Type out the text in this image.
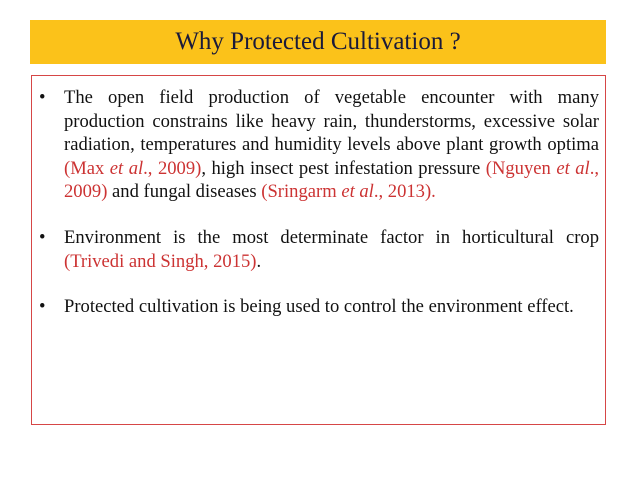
Why Protected Cultivation ?
• The open field production of vegetable encounter with many production constrains like heavy rain, thunderstorms, excessive solar radiation, temperatures and humidity levels above plant growth optima (Max et al., 2009), high insect pest infestation pressure (Nguyen et al., 2009) and fungal diseases (Sringarm et al., 2013).
• Environment is the most determinate factor in horticultural crop (Trivedi and Singh, 2015).
• Protected cultivation is being used to control the environment effect.
